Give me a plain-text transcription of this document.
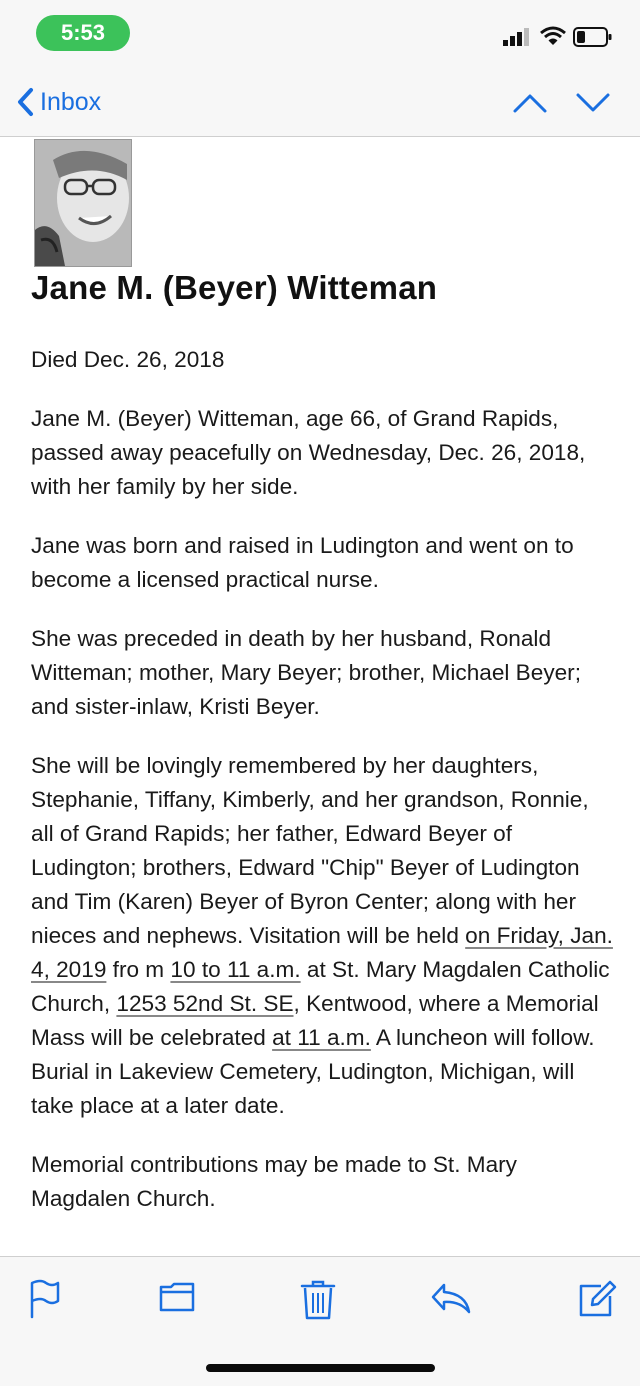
5:53
Inbox
Jane M. (Beyer) Witteman

Died Dec. 26, 2018

Jane M. (Beyer) Witteman, age 66, of Grand Rapids, passed away peacefully on Wednesday, Dec. 26, 2018, with her family by her side.

Jane was born and raised in Ludington and went on to become a licensed practical nurse.

She was preceded in death by her husband, Ronald Witteman; mother, Mary Beyer; brother, Michael Beyer; and sister-inlaw, Kristi Beyer.

She will be lovingly remembered by her daughters, Stephanie, Tiffany, Kimberly, and her grandson, Ronnie, all of Grand Rapids; her father, Edward Beyer of Ludington; brothers, Edward "Chip" Beyer of Ludington and Tim (Karen) Beyer of Byron Center; along with her nieces and nephews. Visitation will be held on Friday, Jan. 4, 2019 fro m 10 to 11 a.m. at St. Mary Magdalen Catholic Church, 1253 52nd St. SE, Kentwood, where a Memorial Mass will be celebrated at 11 a.m. A luncheon will follow. Burial in Lakeview Cemetery, Ludington, Michigan, will take place at a later date.

Memorial contributions may be made to St. Mary Magdalen Church.
